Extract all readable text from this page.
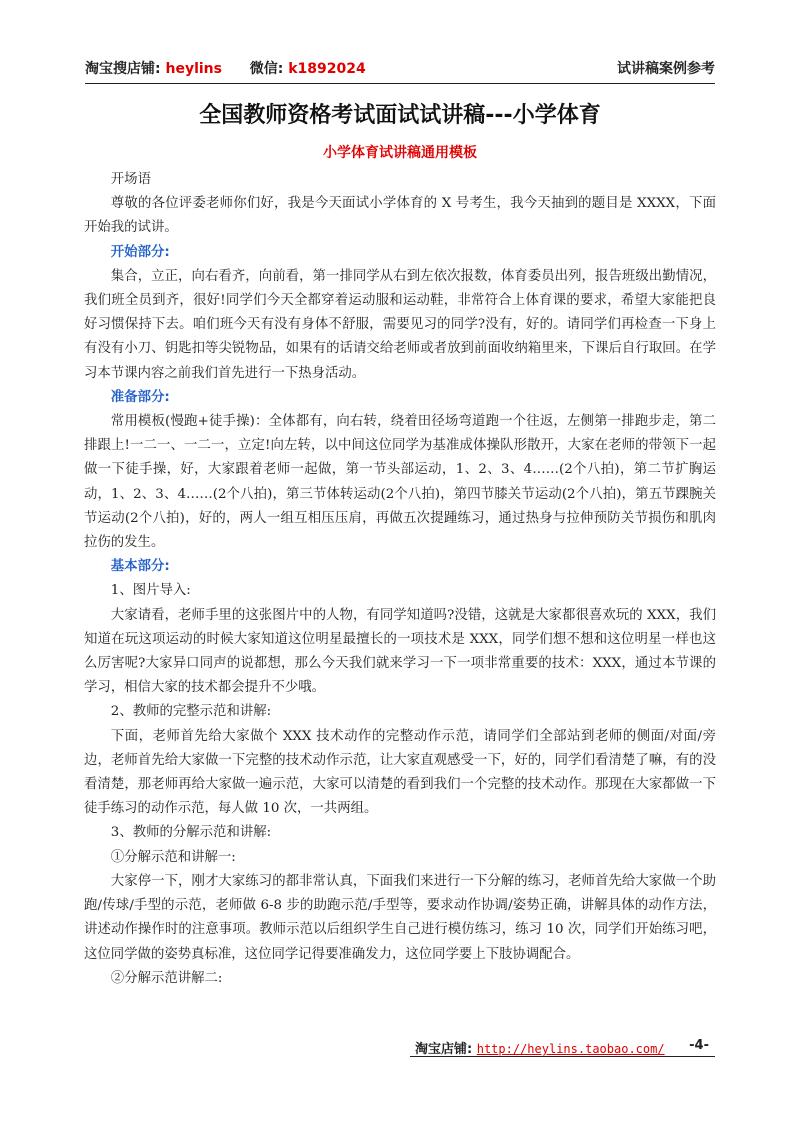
淘宝搜店铺: heylins 微信: k1892024	试讲稿案例参考
全国教师资格考试面试试讲稿---小学体育
小学体育试讲稿通用模板

开场语

尊敬的各位评委老师你们好，我是今天面试小学体育的 X 号考生，我今天抽到的题目是 XXXX，下面开始我的试讲。

开始部分:

集合，立正，向右看齐，向前看，第一排同学从右到左依次报数，体育委员出列，报告班级出勤情况，我们班全员到齐，很好!同学们今天全都穿着运动服和运动鞋，非常符合上体育课的要求，希望大家能把良好习惯保持下去。咱们班今天有没有身体不舒服，需要见习的同学?没有，好的。请同学们再检查一下身上有没有小刀、钥匙扣等尖锐物品，如果有的话请交给老师或者放到前面收纳箱里来，下课后自行取回。在学习本节课内容之前我们首先进行一下热身活动。

准备部分:

常用模板(慢跑+徒手操)：全体都有，向右转，绕着田径场弯道跑一个往返，左侧第一排跑步走，第二排跟上!一二一、一二一，立定!向左转，以中间这位同学为基准成体操队形散开，大家在老师的带领下一起做一下徒手操，好，大家跟着老师一起做，第一节头部运动，1、2、3、4……(2个八拍)，第二节扩胸运动，1、2、3、4……(2个八拍)，第三节体转运动(2个八拍)，第四节膝关节运动(2个八拍)，第五节踝腕关节运动(2个八拍)，好的，两人一组互相压压肩，再做五次提踵练习，通过热身与拉伸预防关节损伤和肌肉拉伤的发生。

基本部分:

1、图片导入:

大家请看，老师手里的这张图片中的人物，有同学知道吗?没错，这就是大家都很喜欢玩的 XXX，我们知道在玩这项运动的时候大家知道这位明星最擅长的一项技术是 XXX，同学们想不想和这位明星一样也这么厉害呢?大家异口同声的说都想，那么今天我们就来学习一下一项非常重要的技术：XXX，通过本节课的学习，相信大家的技术都会提升不少哦。

2、教师的完整示范和讲解:

下面，老师首先给大家做个 XXX 技术动作的完整动作示范，请同学们全部站到老师的侧面/对面/旁边，老师首先给大家做一下完整的技术动作示范，让大家直观感受一下，好的，同学们看清楚了嘛，有的没看清楚，那老师再给大家做一遍示范，大家可以清楚的看到我们一个完整的技术动作。那现在大家都做一下徒手练习的动作示范，每人做 10 次，一共两组。

3、教师的分解示范和讲解:

①分解示范和讲解一:

大家停一下，刚才大家练习的都非常认真，下面我们来进行一下分解的练习，老师首先给大家做一个助跑/传球/手型的示范，老师做 6-8 步的助跑示范/手型等，要求动作协调/姿势正确，讲解具体的动作方法，讲述动作操作时的注意事项。教师示范以后组织学生自己进行模仿练习，练习 10 次，同学们开始练习吧，这位同学做的姿势真标准，这位同学记得要准确发力，这位同学要上下肢协调配合。

②分解示范讲解二:

淘宝店铺: http://heylins.taobao.com/ -4-
